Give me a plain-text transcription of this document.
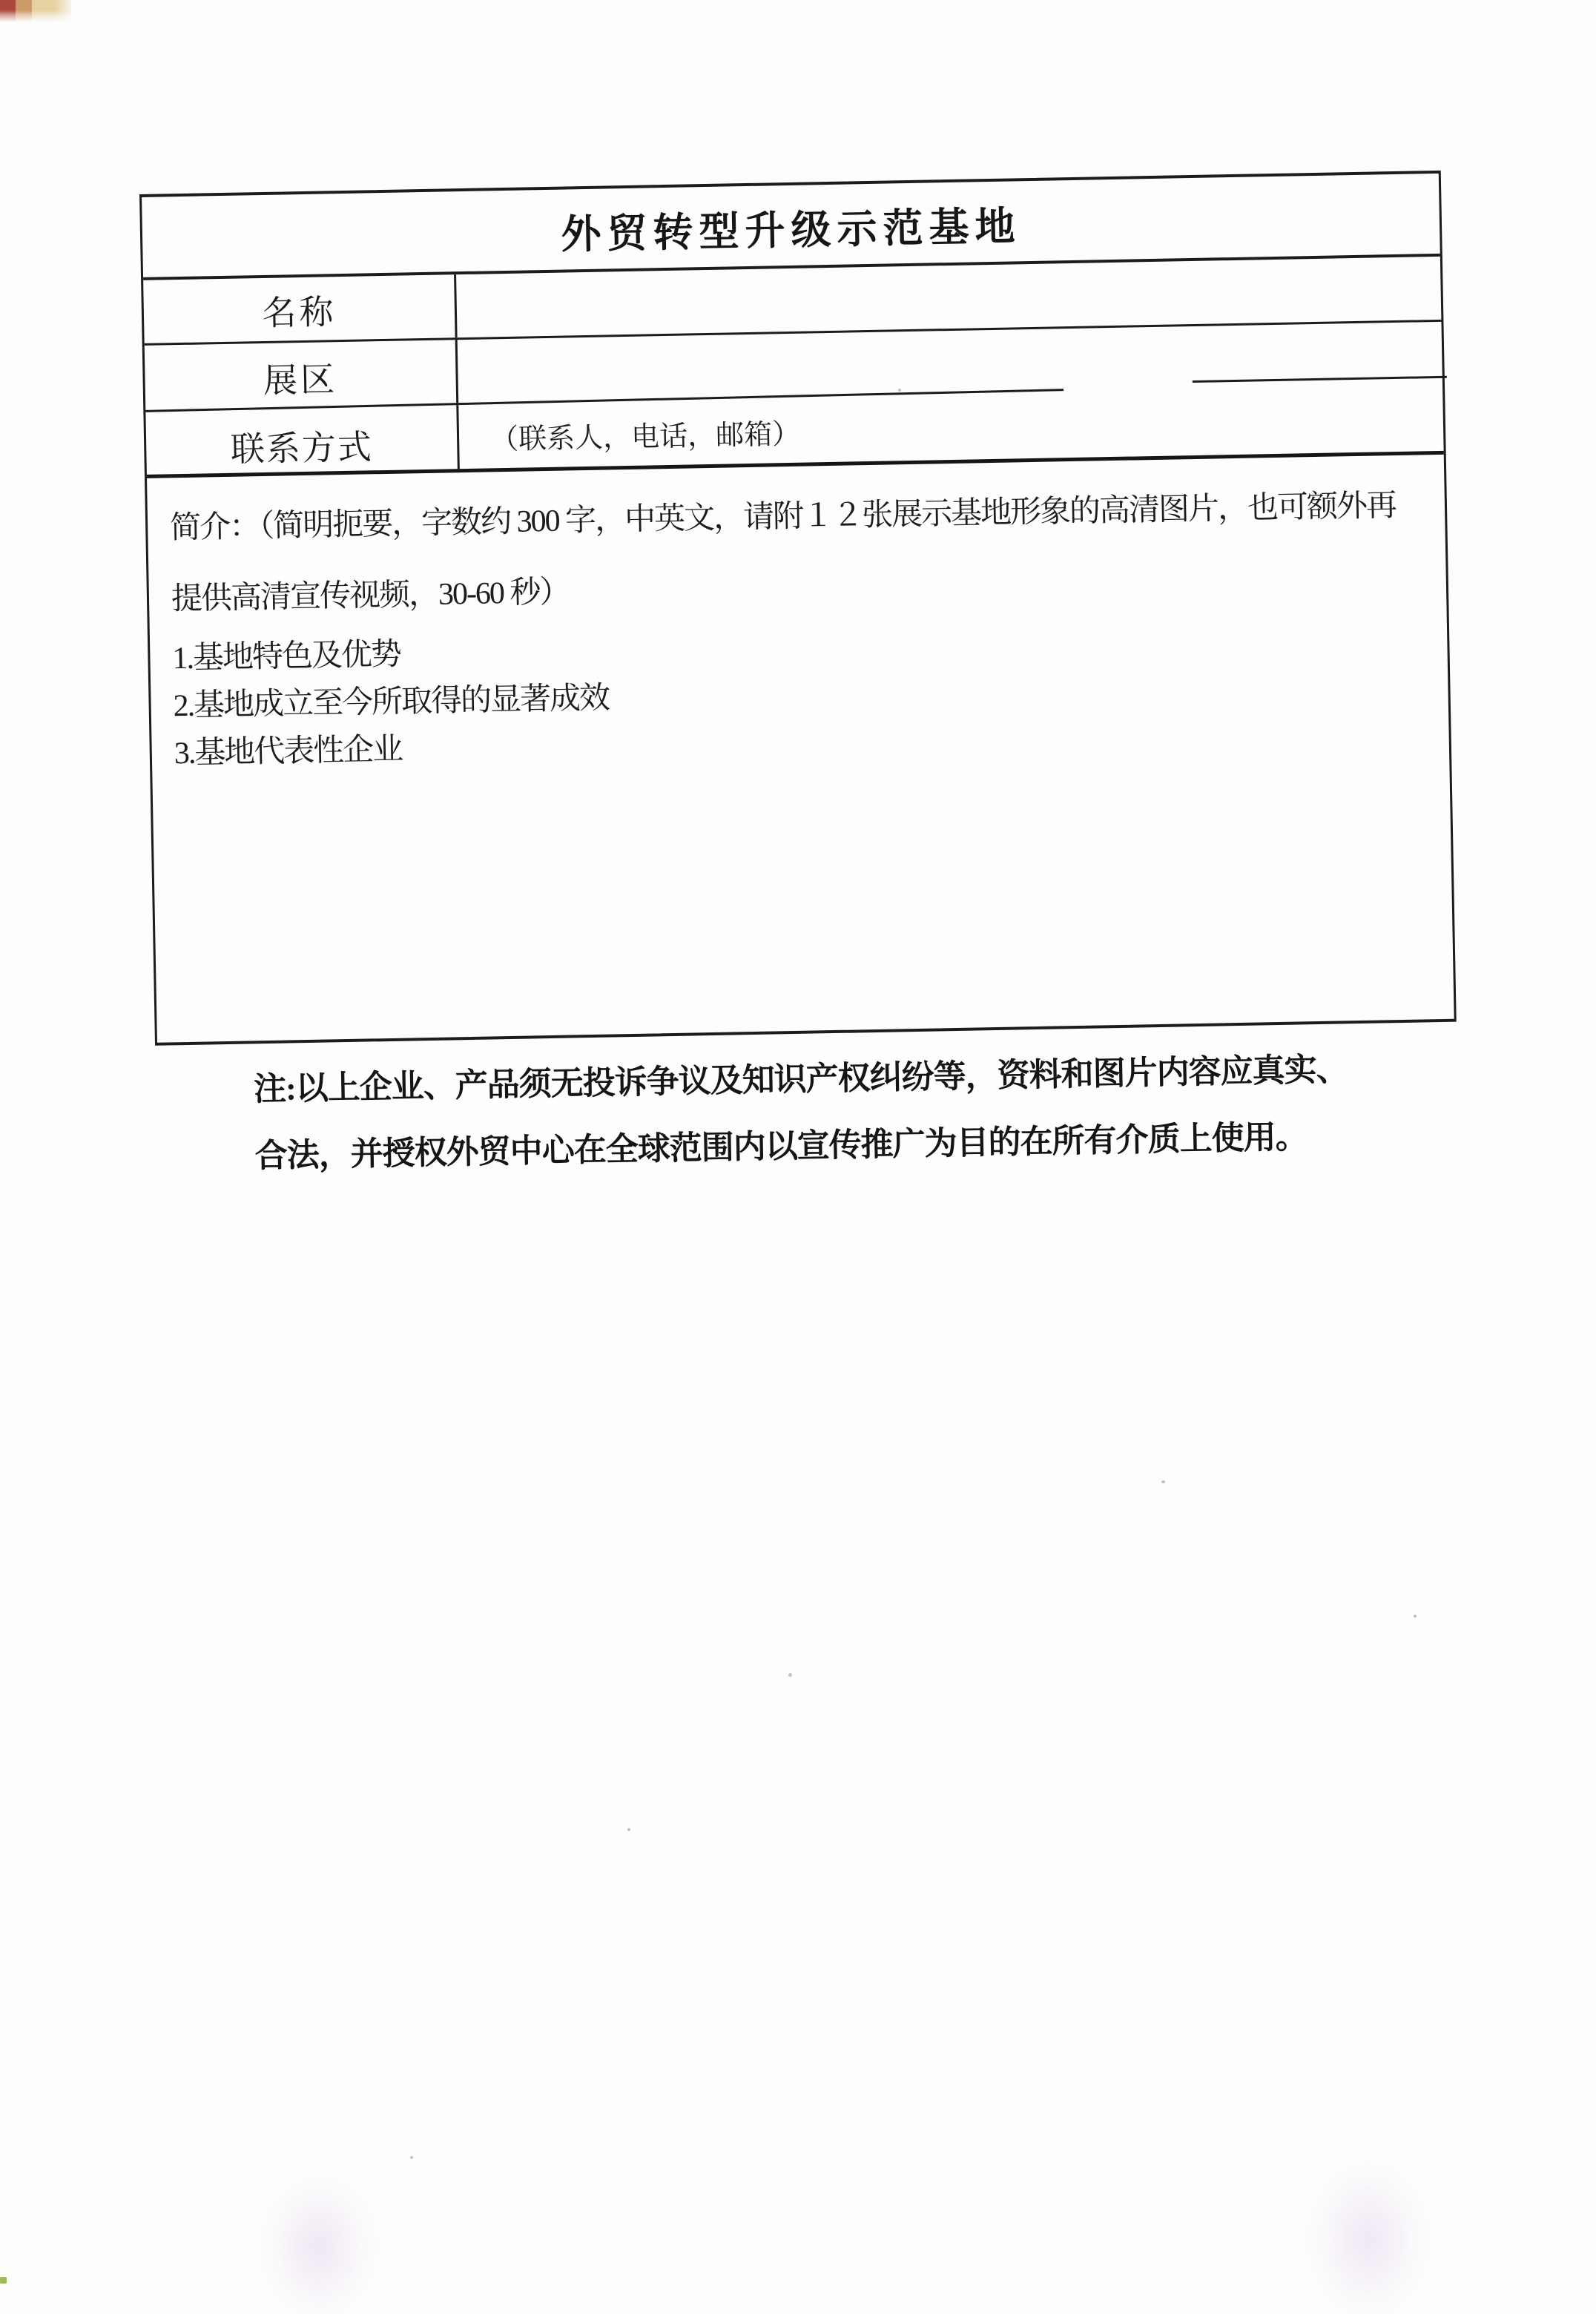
外贸转型升级示范基地
名称
展区
联系方式	（联系人，电话，邮箱）
简介：（简明扼要，字数约 300 字，中英文，请附１２张展示基地形象的高清图片，也可额外再
提供高清宣传视频，30-60 秒）
1.基地特色及优势
2.基地成立至今所取得的显著成效
3.基地代表性企业
注:以上企业、产品须无投诉争议及知识产权纠纷等，资料和图片内容应真实、
合法，并授权外贸中心在全球范围内以宣传推广为目的在所有介质上使用。
